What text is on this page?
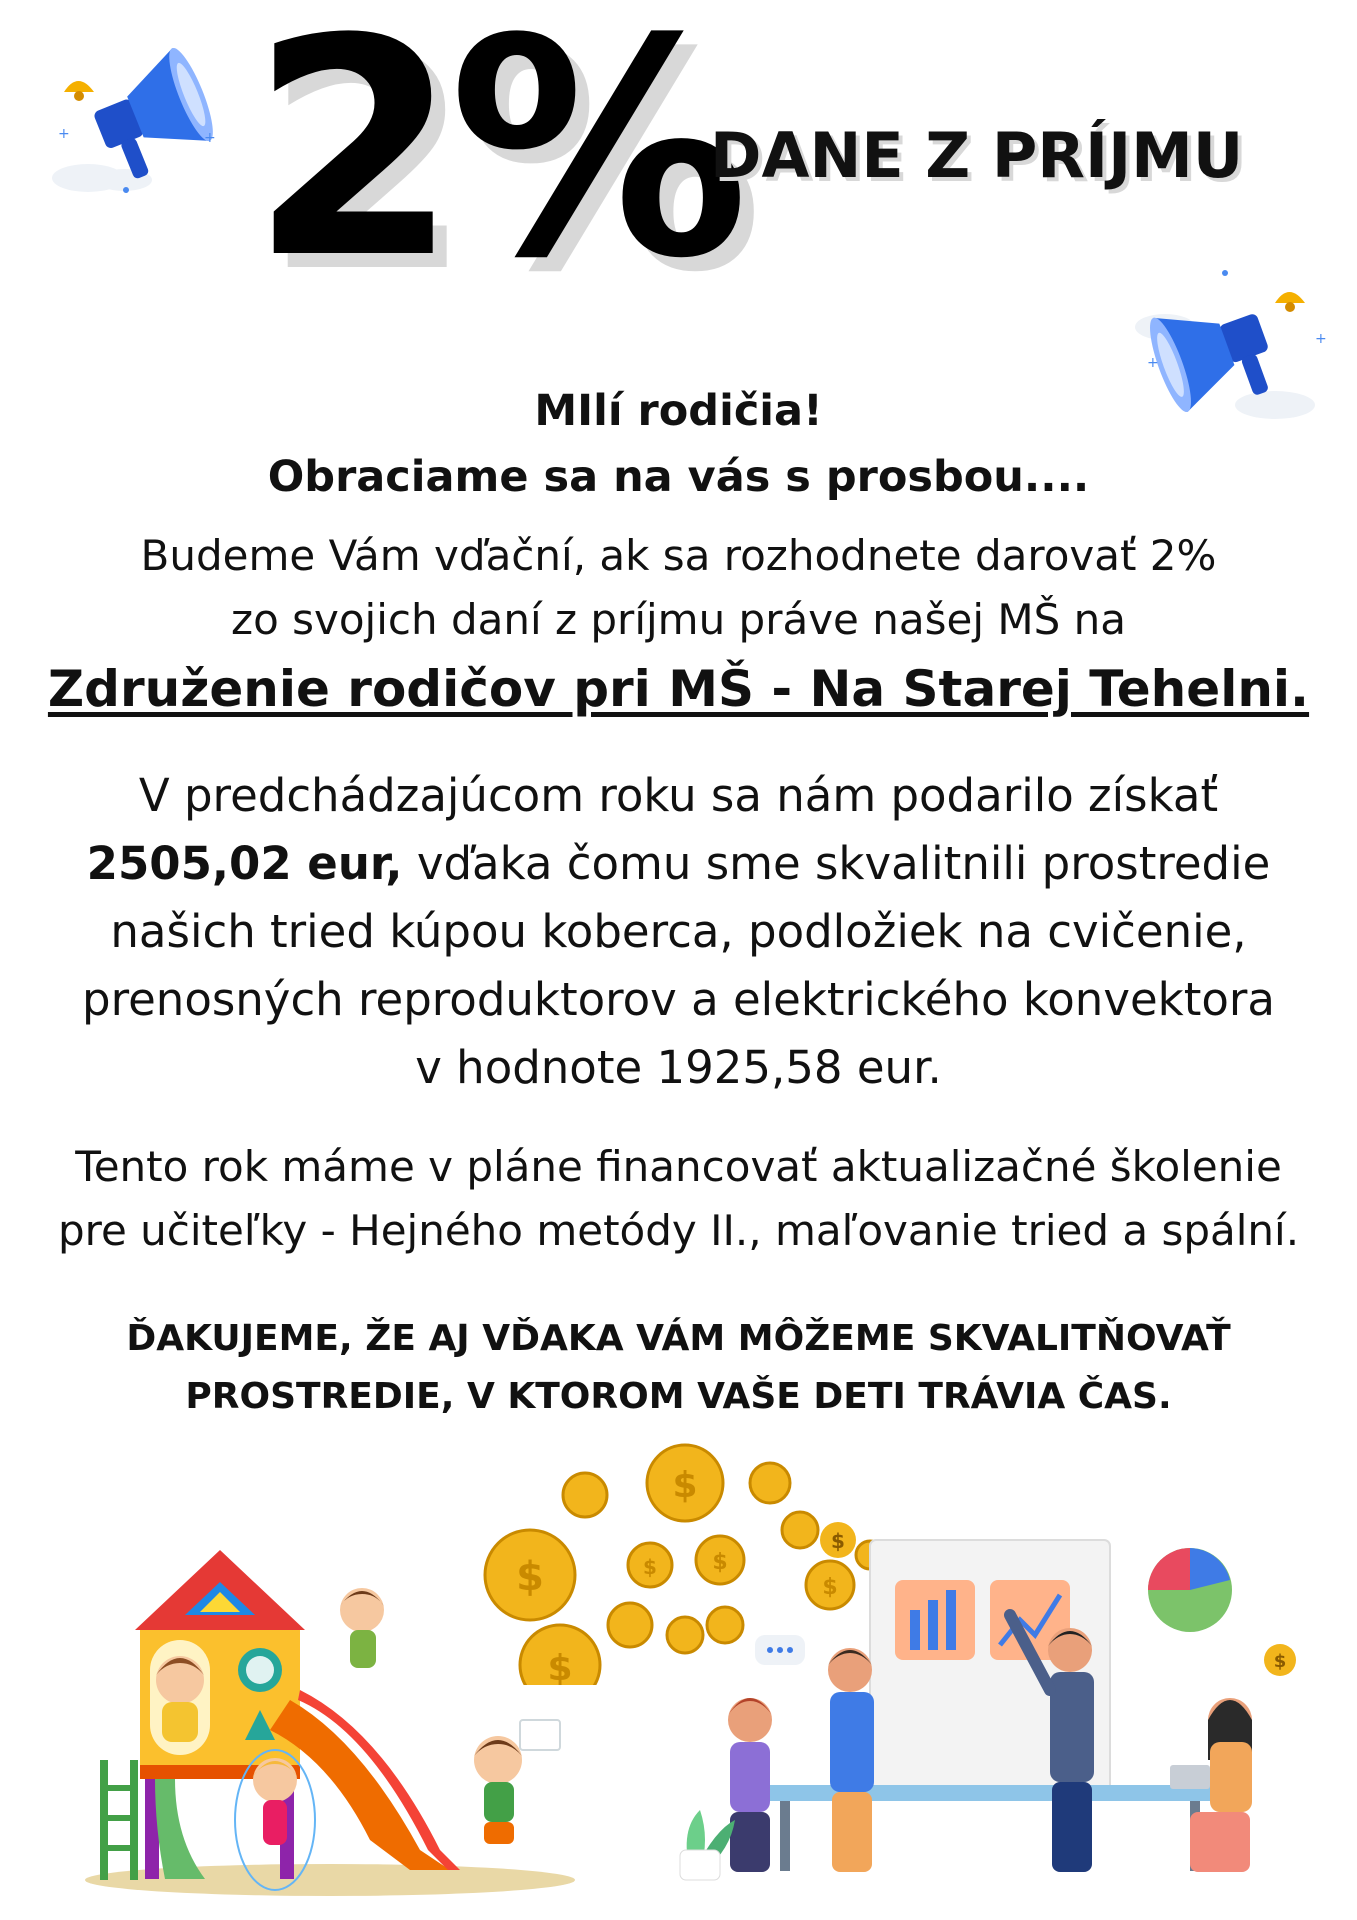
+	+
+
+
2%
DANE Z PRÍJMU
MIlí rodičia!
Obraciame sa na vás s prosbou....
Budeme Vám vďační, ak sa rozhodnete darovať 2%
zo svojich daní z príjmu práve našej MŠ na
Združenie rodičov pri MŠ - Na Starej Tehelni.
V predchádzajúcom roku sa nám podarilo získať
2505,02 eur, vďaka čomu sme skvalitnili prostredie
našich tried kúpou koberca, podložiek na cvičenie,
prenosných reproduktorov a elektrického konvektora
v hodnote 1925,58 eur.
Tento rok máme v pláne financovať aktualizačné školenie
pre učiteľky - Hejného metódy II., maľovanie tried a spální.
ĎAKUJEME, ŽE AJ VĎAKA VÁM MÔŽEME SKVALITŇOVAŤ
PROSTREDIE, V KTOROM VAŠE DETI TRÁVIA ČAS.
$
$
$
$
$
$
$
$
